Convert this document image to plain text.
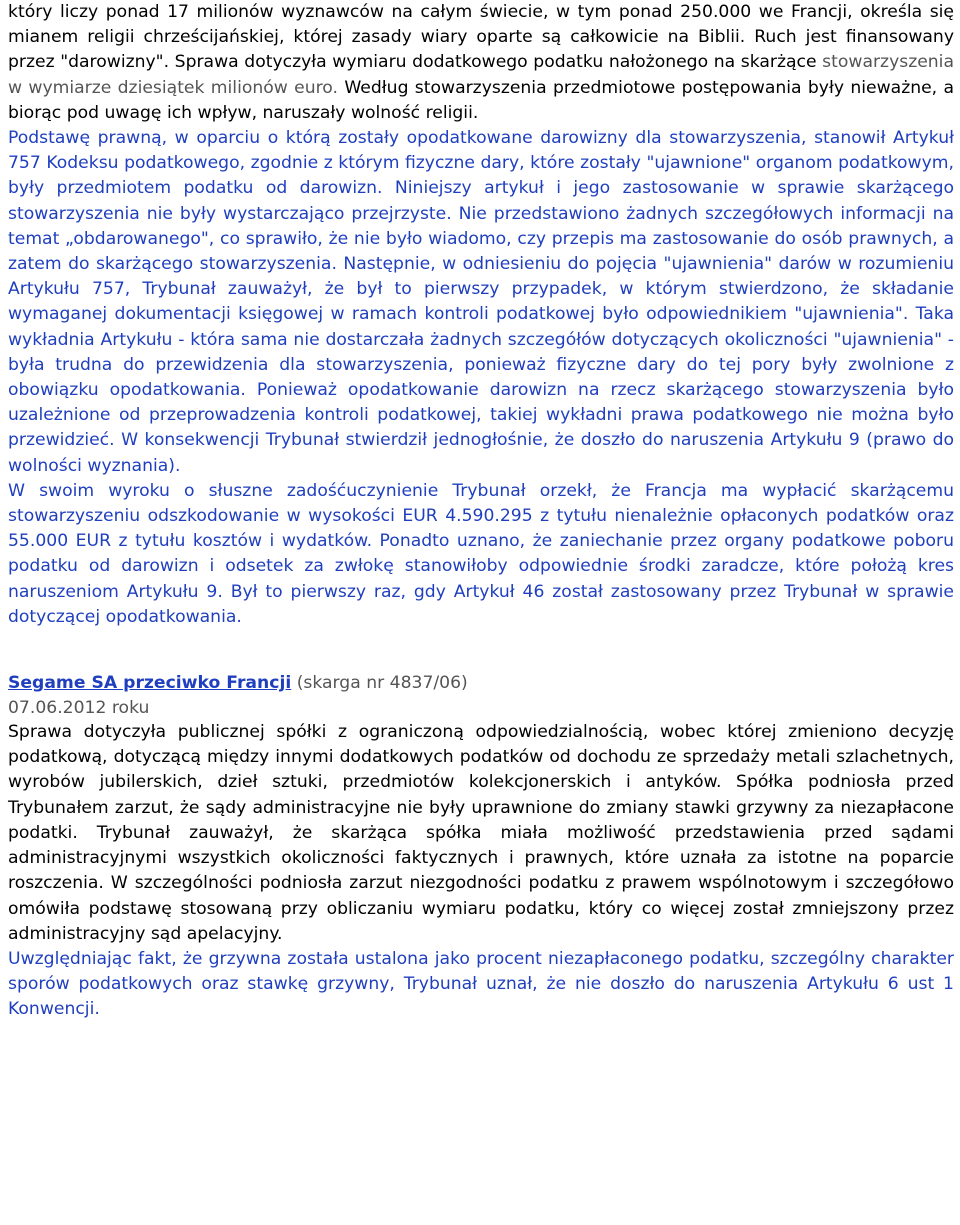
który liczy ponad 17 milionów wyznawców na całym świecie, w tym ponad 250.000 we Francji, określa się mianem religii chrześcijańskiej, której zasady wiary oparte są całkowicie na Biblii. Ruch jest finansowany przez "darowizny". Sprawa dotyczyła wymiaru dodatkowego podatku nałożonego na skarżące stowarzyszenia w wymiarze dziesiątek milionów euro. Według stowarzyszenia przedmiotowe postępowania były nieważne, a biorąc pod uwagę ich wpływ, naruszały wolność religii.

Podstawę prawną, w oparciu o którą zostały opodatkowane darowizny dla stowarzyszenia, stanowił Artykuł 757 Kodeksu podatkowego, zgodnie z którym fizyczne dary, które zostały "ujawnione" organom podatkowym, były przedmiotem podatku od darowizn. Niniejszy artykuł i jego zastosowanie w sprawie skarżącego stowarzyszenia nie były wystarczająco przejrzyste. Nie przedstawiono żadnych szczegółowych informacji na temat „obdarowanego", co sprawiło, że nie było wiadomo, czy przepis ma zastosowanie do osób prawnych, a zatem do skarżącego stowarzyszenia. Następnie, w odniesieniu do pojęcia "ujawnienia" darów w rozumieniu Artykułu 757, Trybunał zauważył, że był to pierwszy przypadek, w którym stwierdzono, że składanie wymaganej dokumentacji księgowej w ramach kontroli podatkowej było odpowiednikiem "ujawnienia". Taka wykładnia Artykułu - która sama nie dostarczała żadnych szczegółów dotyczących okoliczności "ujawnienia" - była trudna do przewidzenia dla stowarzyszenia, ponieważ fizyczne dary do tej pory były zwolnione z obowiązku opodatkowania. Ponieważ opodatkowanie darowizn na rzecz skarżącego stowarzyszenia było uzależnione od przeprowadzenia kontroli podatkowej, takiej wykładni prawa podatkowego nie można było przewidzieć. W konsekwencji Trybunał stwierdził jednogłośnie, że doszło do naruszenia Artykułu 9 (prawo do wolności wyznania).

W swoim wyroku o słuszne zadośćuczynienie Trybunał orzekł, że Francja ma wypłacić skarżącemu stowarzyszeniu odszkodowanie w wysokości EUR 4.590.295 z tytułu nienależnie opłaconych podatków oraz 55.000 EUR z tytułu kosztów i wydatków. Ponadto uznano, że zaniechanie przez organy podatkowe poboru podatku od darowizn i odsetek za zwłokę stanowiłoby odpowiednie środki zaradcze, które położą kres naruszeniom Artykułu 9. Był to pierwszy raz, gdy Artykuł 46 został zastosowany przez Trybunał w sprawie dotyczącej opodatkowania.

Segame SA przeciwko Francji (skarga nr 4837/06)

07.06.2012 roku

Sprawa dotyczyła publicznej spółki z ograniczoną odpowiedzialnością, wobec której zmieniono decyzję podatkową, dotyczącą między innymi dodatkowych podatków od dochodu ze sprzedaży metali szlachetnych, wyrobów jubilerskich, dzieł sztuki, przedmiotów kolekcjonerskich i antyków. Spółka podniosła przed Trybunałem zarzut, że sądy administracyjne nie były uprawnione do zmiany stawki grzywny za niezapłacone podatki. Trybunał zauważył, że skarżąca spółka miała możliwość przedstawienia przed sądami administracyjnymi wszystkich okoliczności faktycznych i prawnych, które uznała za istotne na poparcie roszczenia. W szczególności podniosła zarzut niezgodności podatku z prawem wspólnotowym i szczegółowo omówiła podstawę stosowaną przy obliczaniu wymiaru podatku, który co więcej został zmniejszony przez administracyjny sąd apelacyjny.

Uwzględniając fakt, że grzywna została ustalona jako procent niezapłaconego podatku, szczególny charakter sporów podatkowych oraz stawkę grzywny, Trybunał uznał, że nie doszło do naruszenia Artykułu 6 ust 1 Konwencji.
